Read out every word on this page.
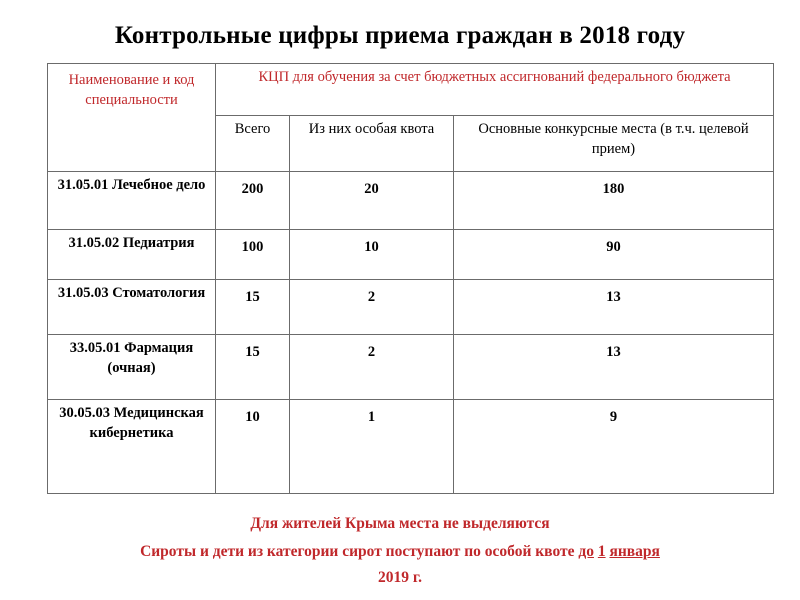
Контрольные цифры приема граждан в 2018 году
Наименование и код специальности	КЦП для обучения за счет бюджетных ассигнований федерального бюджета		
	Всего	Из них особая квота	Основные конкурсные места (в т.ч. целевой прием)
31.05.01 Лечебное дело	200	20	180
31.05.02 Педиатрия	100	10	90
31.05.03 Стоматология	15	2	13
33.05.01 Фармация (очная)	15	2	13
30.05.03 Медицинская кибернетика	10	1	9
Для жителей Крыма места не выделяются
Сироты и дети из категории сирот поступают по особой квоте до 1 января
2019 г.
